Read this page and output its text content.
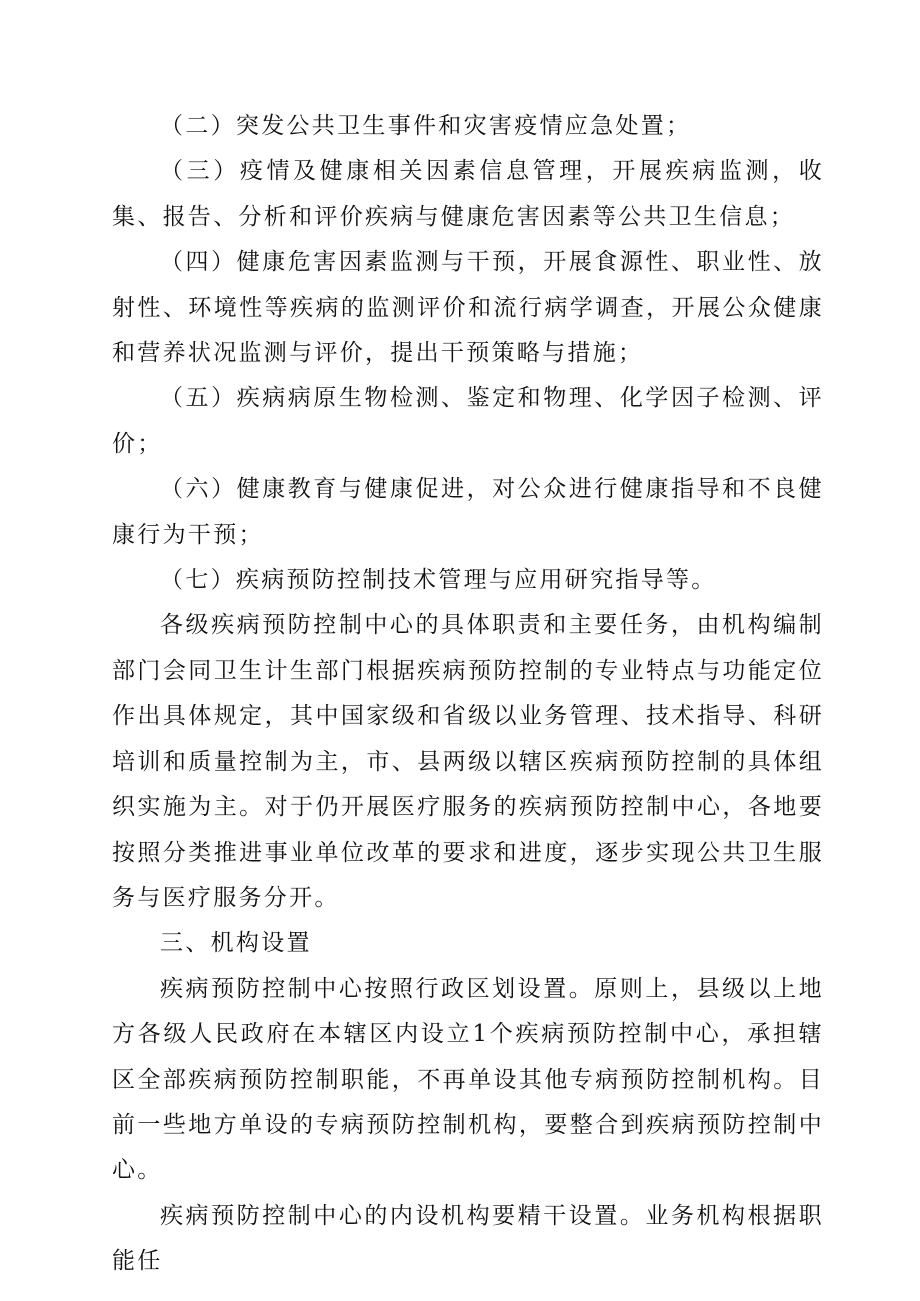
（二）突发公共卫生事件和灾害疫情应急处置；

（三）疫情及健康相关因素信息管理，开展疾病监测，收集、报告、分析和评价疾病与健康危害因素等公共卫生信息；

（四）健康危害因素监测与干预，开展食源性、职业性、放射性、环境性等疾病的监测评价和流行病学调查，开展公众健康和营养状况监测与评价，提出干预策略与措施；

（五）疾病病原生物检测、鉴定和物理、化学因子检测、评价；

（六）健康教育与健康促进，对公众进行健康指导和不良健康行为干预；

（七）疾病预防控制技术管理与应用研究指导等。

各级疾病预防控制中心的具体职责和主要任务，由机构编制部门会同卫生计生部门根据疾病预防控制的专业特点与功能定位作出具体规定，其中国家级和省级以业务管理、技术指导、科研培训和质量控制为主，市、县两级以辖区疾病预防控制的具体组织实施为主。对于仍开展医疗服务的疾病预防控制中心，各地要按照分类推进事业单位改革的要求和进度，逐步实现公共卫生服务与医疗服务分开。

三、机构设置

疾病预防控制中心按照行政区划设置。原则上，县级以上地方各级人民政府在本辖区内设立1个疾病预防控制中心，承担辖区全部疾病预防控制职能，不再单设其他专病预防控制机构。目前一些地方单设的专病预防控制机构，要整合到疾病预防控制中心。

疾病预防控制中心的内设机构要精干设置。业务机构根据职能任
